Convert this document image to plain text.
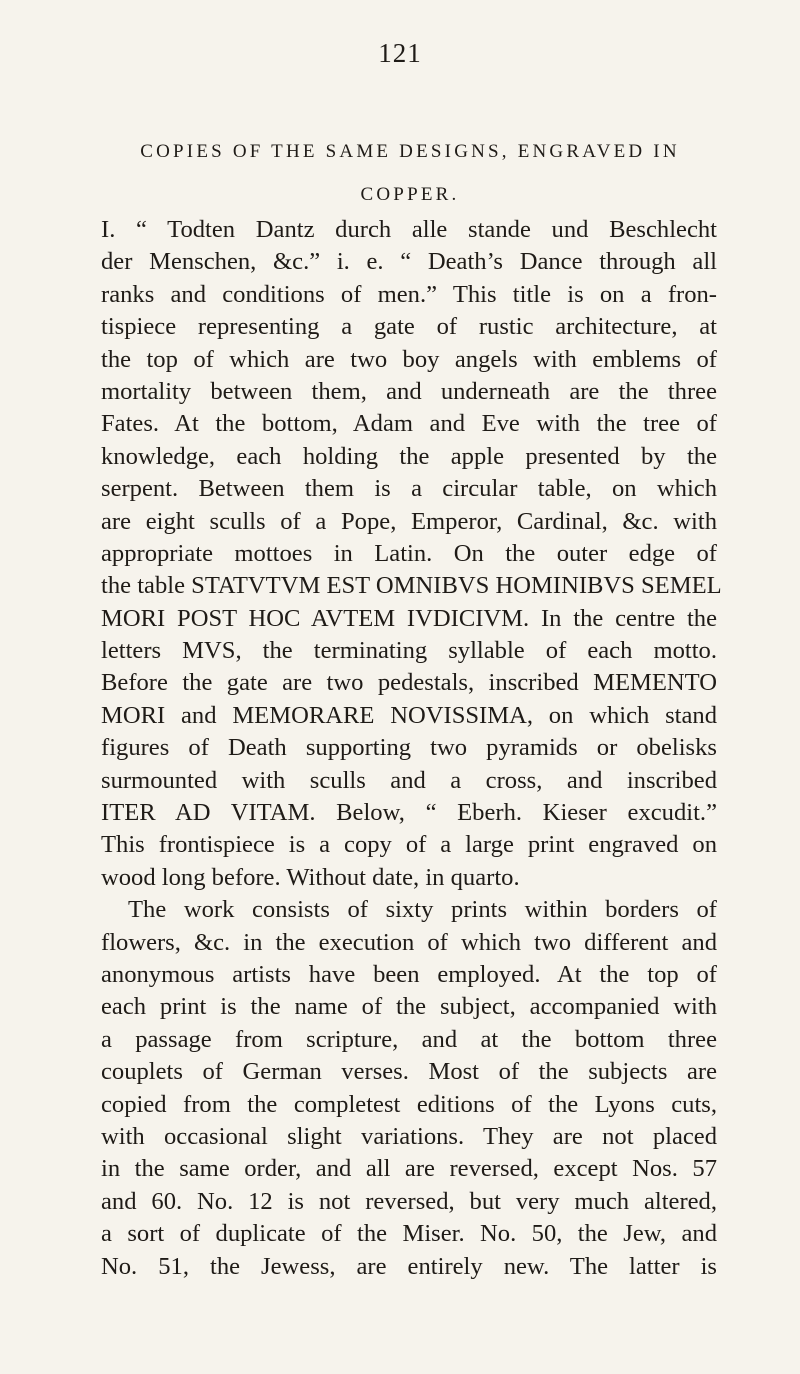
121
COPIES OF THE SAME DESIGNS, ENGRAVED IN
COPPER.
I. “ Todten Dantz durch alle stande und Beschlecht
der Menschen, &c.” i. e. “ Death’s Dance through all
ranks and conditions of men.” This title is on a fron-
tispiece representing a gate of rustic architecture, at
the top of which are two boy angels with emblems of
mortality between them, and underneath are the three
Fates. At the bottom, Adam and Eve with the tree of
knowledge, each holding the apple presented by the
serpent. Between them is a circular table, on which
are eight sculls of a Pope, Emperor, Cardinal, &c. with
appropriate mottoes in Latin. On the outer edge of
the table STATVTVM EST OMNIBVS HOMINIBVS SEMEL
MORI POST HOC AVTEM IVDICIVM. In the centre the
letters MVS, the terminating syllable of each motto.
Before the gate are two pedestals, inscribed MEMENTO
MORI and MEMORARE NOVISSIMA, on which stand
figures of Death supporting two pyramids or obelisks
surmounted with sculls and a cross, and inscribed
ITER AD VITAM. Below, “ Eberh. Kieser excudit.”
This frontispiece is a copy of a large print engraved on
wood long before. Without date, in quarto.
The work consists of sixty prints within borders of
flowers, &c. in the execution of which two different and
anonymous artists have been employed. At the top of
each print is the name of the subject, accompanied with
a passage from scripture, and at the bottom three
couplets of German verses. Most of the subjects are
copied from the completest editions of the Lyons cuts,
with occasional slight variations. They are not placed
in the same order, and all are reversed, except Nos. 57
and 60. No. 12 is not reversed, but very much altered,
a sort of duplicate of the Miser. No. 50, the Jew, and
No. 51, the Jewess, are entirely new. The latter is
